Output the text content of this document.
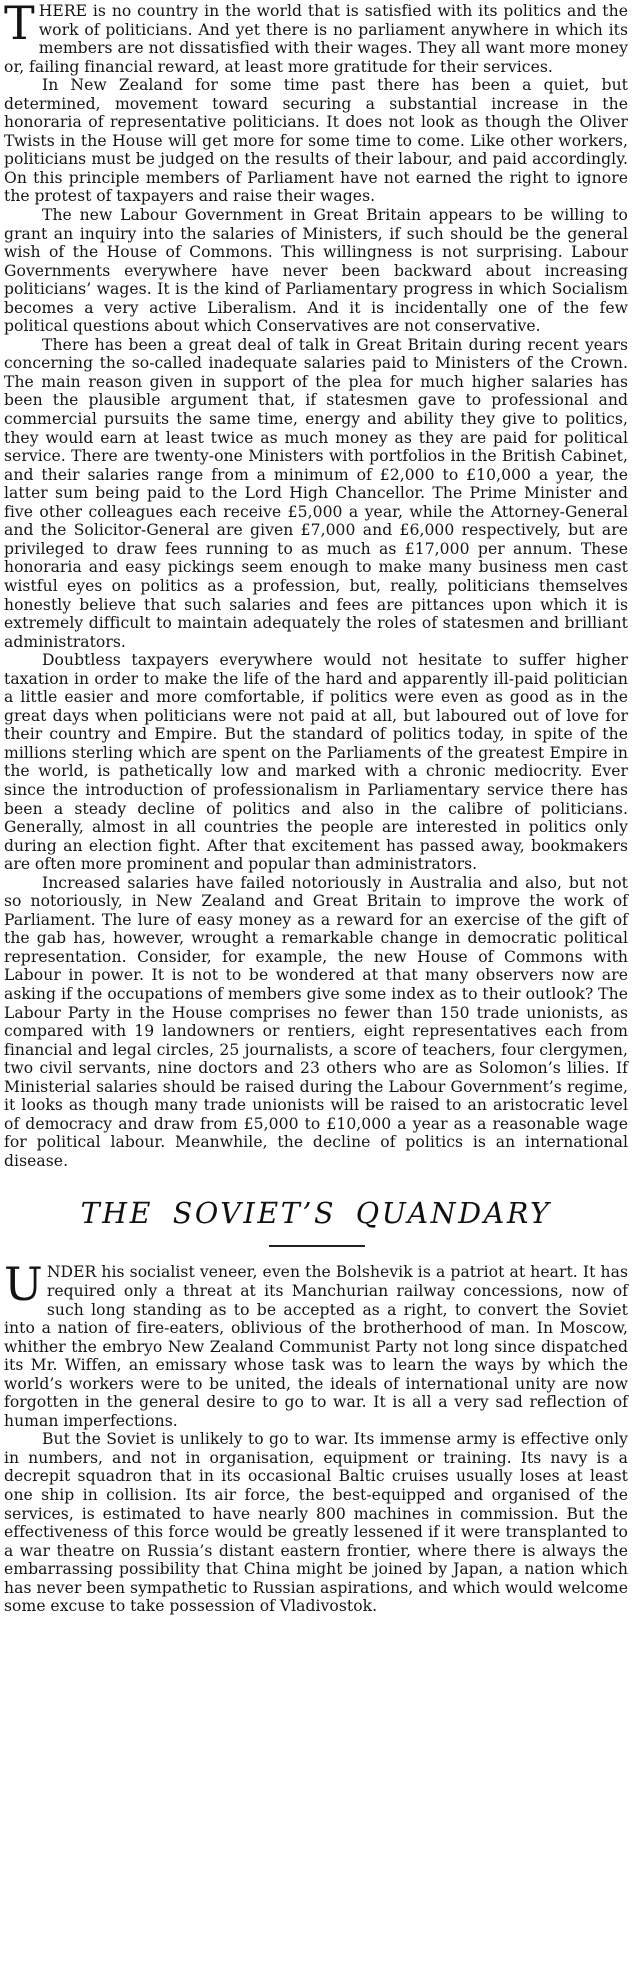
THERE is no country in the world that is satisfied with its politics and the work of politicians. And yet there is no parliament anywhere in which its members are not dissatisfied with their wages. They all want more money or, failing financial reward, at least more gratitude for their services.

In New Zealand for some time past there has been a quiet, but determined, movement toward securing a substantial increase in the honoraria of representative politicians. It does not look as though the Oliver Twists in the House will get more for some time to come. Like other workers, politicians must be judged on the results of their labour, and paid accordingly. On this principle members of Parliament have not earned the right to ignore the protest of taxpayers and raise their wages.

The new Labour Government in Great Britain appears to be willing to grant an inquiry into the salaries of Ministers, if such should be the general wish of the House of Commons. This willingness is not surprising. Labour Governments everywhere have never been backward about increasing politicians’ wages. It is the kind of Parliamentary progress in which Socialism becomes a very active Liberalism. And it is incidentally one of the few political questions about which Conservatives are not conservative.

There has been a great deal of talk in Great Britain during recent years concerning the so-called inadequate salaries paid to Ministers of the Crown. The main reason given in support of the plea for much higher salaries has been the plausible argument that, if statesmen gave to professional and commercial pursuits the same time, energy and ability they give to politics, they would earn at least twice as much money as they are paid for political service. There are twenty-one Ministers with portfolios in the British Cabinet, and their salaries range from a minimum of £2,000 to £10,000 a year, the latter sum being paid to the Lord High Chancellor. The Prime Minister and five other colleagues each receive £5,000 a year, while the Attorney-General and the Solicitor-General are given £7,000 and £6,000 respectively, but are privileged to draw fees running to as much as £17,000 per annum. These honoraria and easy pickings seem enough to make many business men cast wistful eyes on politics as a profession, but, really, politicians themselves honestly believe that such salaries and fees are pittances upon which it is extremely difficult to maintain adequately the roles of statesmen and brilliant administrators.

Doubtless taxpayers everywhere would not hesitate to suffer higher taxation in order to make the life of the hard and apparently ill-paid politician a little easier and more comfortable, if politics were even as good as in the great days when politicians were not paid at all, but laboured out of love for their country and Empire. But the standard of politics today, in spite of the millions sterling which are spent on the Parliaments of the greatest Empire in the world, is pathetically low and marked with a chronic mediocrity. Ever since the introduction of professionalism in Parliamentary service there has been a steady decline of politics and also in the calibre of politicians. Generally, almost in all countries the people are interested in politics only during an election fight. After that excitement has passed away, bookmakers are often more prominent and popular than administrators.

Increased salaries have failed notoriously in Australia and also, but not so notoriously, in New Zealand and Great Britain to improve the work of Parliament. The lure of easy money as a reward for an exercise of the gift of the gab has, however, wrought a remarkable change in democratic political representation. Consider, for example, the new House of Commons with Labour in power. It is not to be wondered at that many observers now are asking if the occupations of members give some index as to their outlook? The Labour Party in the House comprises no fewer than 150 trade unionists, as compared with 19 landowners or rentiers, eight representatives each from financial and legal circles, 25 journalists, a score of teachers, four clergymen, two civil servants, nine doctors and 23 others who are as Solomon’s lilies. If Ministerial salaries should be raised during the Labour Government’s regime, it looks as though many trade unionists will be raised to an aristocratic level of democracy and draw from £5,000 to £10,000 a year as a reasonable wage for political labour. Meanwhile, the decline of politics is an international disease.

THE SOVIET’S QUANDARY

UNDER his socialist veneer, even the Bolshevik is a patriot at heart. It has required only a threat at its Manchurian railway concessions, now of such long standing as to be accepted as a right, to convert the Soviet into a nation of fire-eaters, oblivious of the brotherhood of man. In Moscow, whither the embryo New Zealand Communist Party not long since dispatched its Mr. Wiffen, an emissary whose task was to learn the ways by which the world’s workers were to be united, the ideals of international unity are now forgotten in the general desire to go to war. It is all a very sad reflection of human imperfections.

But the Soviet is unlikely to go to war. Its immense army is effective only in numbers, and not in organisation, equipment or training. Its navy is a decrepit squadron that in its occasional Baltic cruises usually loses at least one ship in collision. Its air force, the best-equipped and organised of the services, is estimated to have nearly 800 machines in commission. But the effectiveness of this force would be greatly lessened if it were transplanted to a war theatre on Russia’s distant eastern frontier, where there is always the embarrassing possibility that China might be joined by Japan, a nation which has never been sympathetic to Russian aspirations, and which would welcome some excuse to take possession of Vladivostok.
